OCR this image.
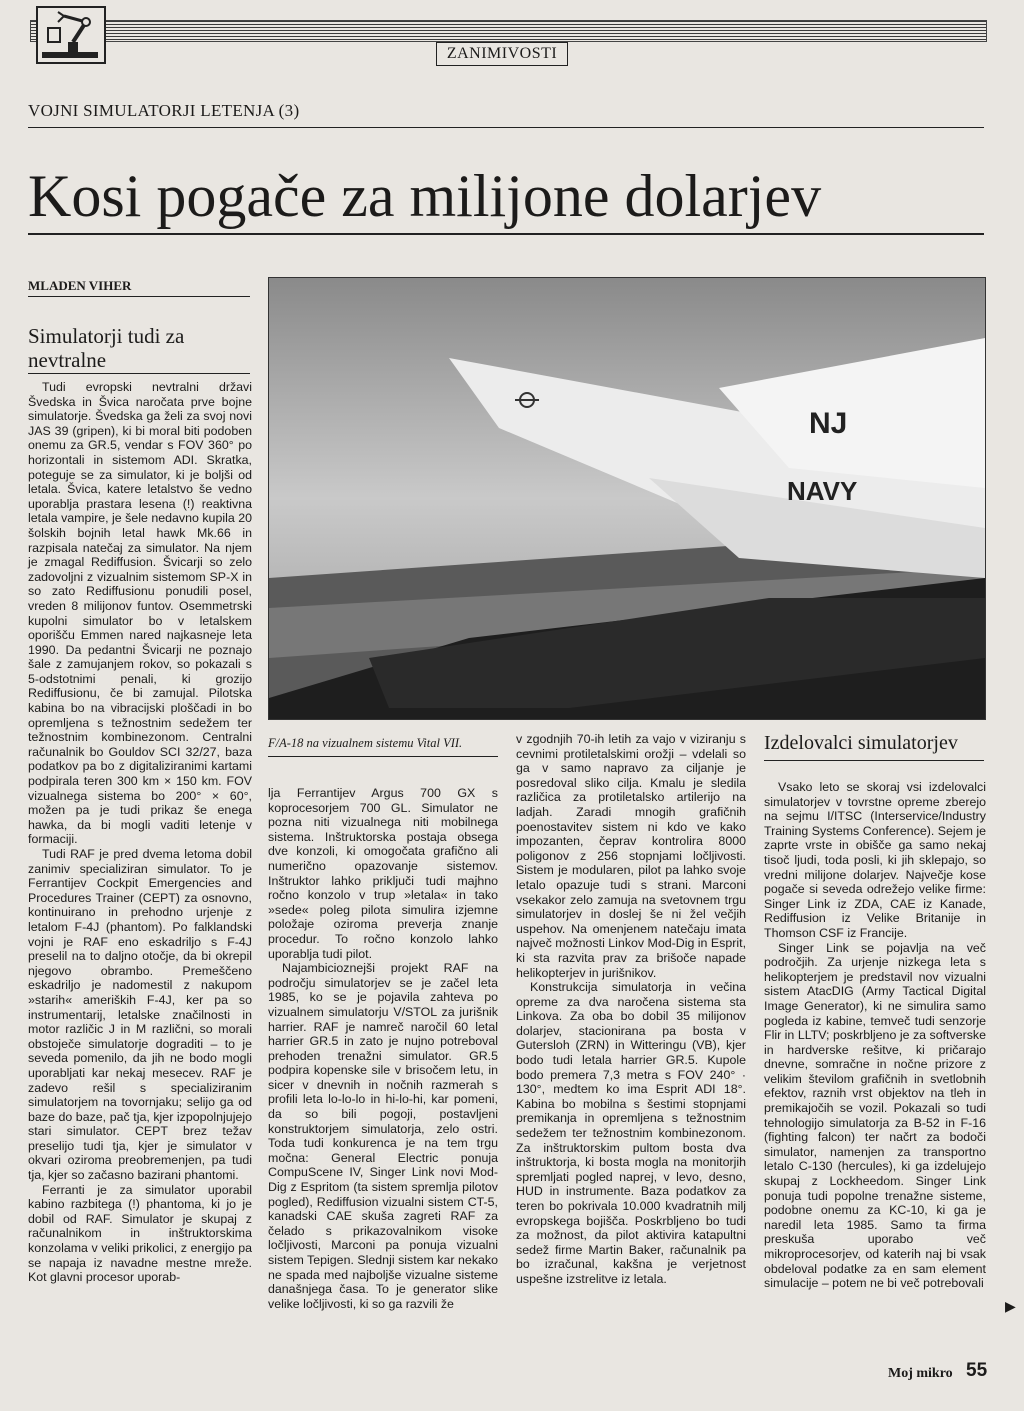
ZANIMIVOSTI
VOJNI SIMULATORJI LETENJA (3)
Kosi pogače za milijone dolarjev
MLADEN VIHER
Simulatorji tudi za nevtralne

Tudi evropski nevtralni državi Švedska in Švica naročata prve bojne simulatorje. Švedska ga želi za svoj novi JAS 39 (gripen), ki bi moral biti podoben onemu za GR.5, vendar s FOV 360° po horizontali in sistemom ADI. Skratka, poteguje se za simulator, ki je boljši od letala. Švica, katere letalstvo še vedno uporablja prastara lesena (!) reaktivna letala vampire, je šele nedavno kupila 20 šolskih bojnih letal hawk Mk.66 in razpisala natečaj za simulator. Na njem je zmagal Rediffusion. Švicarji so zelo zadovoljni z vizualnim sistemom SP-X in so zato Rediffusionu ponudili posel, vreden 8 milijonov funtov. Osemmetrski kupolni simulator bo v letalskem oporišču Emmen nared najkasneje leta 1990. Da pedantni Švicarji ne poznajo šale z zamujanjem rokov, so pokazali s 5-odstotnimi penali, ki grozijo Rediffusionu, če bi zamujal. Pilotska kabina bo na vibracijski ploščadi in bo opremljena s težnostnim sedežem ter težnostnim kombinezonom. Centralni računalnik bo Gouldov SCI 32/27, baza podatkov pa bo z digitaliziranimi kartami podpirala teren 300 km × 150 km. FOV vizualnega sistema bo 200° × 60°, možen pa je tudi prikaz še enega hawka, da bi mogli vaditi letenje v formaciji.

Tudi RAF je pred dvema letoma dobil zanimiv specializiran simulator. To je Ferrantijev Cockpit Emergencies and Procedures Trainer (CEPT) za osnovno, kontinuirano in prehodno urjenje z letalom F-4J (phantom). Po falklandski vojni je RAF eno eskadriljo s F-4J preselil na to daljno otočje, da bi okrepil njegovo obrambo. Premeščeno eskadriljo je nadomestil z nakupom »starih« ameriških F-4J, ker pa so instrumentarij, letalske značilnosti in motor različic J in M različni, so morali obstoječe simulatorje dograditi – to je seveda pomenilo, da jih ne bodo mogli uporabljati kar nekaj mesecev. RAF je zadevo rešil s specializiranim simulatorjem na tovornjaku; selijo ga od baze do baze, pač tja, kjer izpopolnjujejo stari simulator. CEPT brez težav preselijo tudi tja, kjer je simulator v okvari oziroma preobremenjen, pa tudi tja, kjer so začasno bazirani phantomi.

Ferranti je za simulator uporabil kabino razbitega (!) phantoma, ki jo je dobil od RAF. Simulator je skupaj z računalnikom in inštruktorskima konzolama v veliki prikolici, z energijo pa se napaja iz navadne mestne mreže. Kot glavni procesor uporab-

NJ
NAVY
F/A-18 na vizualnem sistemu Vital VII.

lja Ferrantijev Argus 700 GX s koprocesorjem 700 GL. Simulator ne pozna niti vizualnega niti mobilnega sistema. Inštruktorska postaja obsega dve konzoli, ki omogočata grafično ali numerično opazovanje sistemov. Inštruktor lahko priključi tudi majhno ročno konzolo v trup »letala« in tako »sede« poleg pilota simulira izjemne položaje oziroma preverja znanje procedur. To ročno konzolo lahko uporablja tudi pilot.

Najambicioznejši projekt RAF na področju simulatorjev se je začel leta 1985, ko se je pojavila zahteva po vizualnem simulatorju V/STOL za jurišnik harrier. RAF je namreč naročil 60 letal harrier GR.5 in zato je nujno potreboval prehoden trenažni simulator. GR.5 podpira kopenske sile v brisočem letu, in sicer v dnevnih in nočnih razmerah s profili leta lo-lo-lo in hi-lo-hi, kar pomeni, da so bili pogoji, postavljeni konstruktorjem simulatorja, zelo ostri. Toda tudi konkurenca je na tem trgu močna: General Electric ponuja CompuScene IV, Singer Link novi Mod-Dig z Espritom (ta sistem spremlja pilotov pogled), Rediffusion vizualni sistem CT-5, kanadski CAE skuša zagreti RAF za čelado s prikazovalnikom visoke ločljivosti, Marconi pa ponuja vizualni sistem Tepigen. Slednji sistem kar nekako ne spada med najboljše vizualne sisteme današnjega časa. To je generator slike velike ločljivosti, ki so ga razvili že

v zgodnjih 70-ih letih za vajo v viziranju s cevnimi protiletalskimi orožji – vdelali so ga v samo napravo za ciljanje je posredoval sliko cilja. Kmalu je sledila različica za protiletalsko artilerijo na ladjah. Zaradi mnogih grafičnih poenostavitev sistem ni kdo ve kako impozanten, čeprav kontrolira 8000 poligonov z 256 stopnjami ločljivosti. Sistem je modularen, pilot pa lahko svoje letalo opazuje tudi s strani. Marconi vsekakor zelo zamuja na svetovnem trgu simulatorjev in doslej še ni žel večjih uspehov. Na omenjenem natečaju imata največ možnosti Linkov Mod-Dig in Esprit, ki sta razvita prav za brišoče napade helikopterjev in jurišnikov.

Konstrukcija simulatorja in večina opreme za dva naročena sistema sta Linkova. Za oba bo dobil 35 milijonov dolarjev, stacionirana pa bosta v Gutersloh (ZRN) in Witteringu (VB), kjer bodo tudi letala harrier GR.5. Kupole bodo premera 7,3 metra s FOV 240° · 130°, medtem ko ima Esprit ADI 18°. Kabina bo mobilna s šestimi stopnjami premikanja in opremljena s težnostnim sedežem ter težnostnim kombinezonom. Za inštruktorskim pultom bosta dva inštruktorja, ki bosta mogla na monitorjih spremljati pogled naprej, v levo, desno, HUD in instrumente. Baza podatkov za teren bo pokrivala 10.000 kvadratnih milj evropskega bojišča. Poskrbljeno bo tudi za možnost, da pilot aktivira katapultni sedež firme Martin Baker, računalnik pa bo izračunal, kakšna je verjetnost uspešne izstrelitve iz letala.

Izdelovalci simulatorjev

Vsako leto se skoraj vsi izdelovalci simulatorjev v tovrstne opreme zberejo na sejmu I/ITSC (Interservice/Industry Training Systems Conference). Sejem je zaprte vrste in obišče ga samo nekaj tisoč ljudi, toda posli, ki jih sklepajo, so vredni milijone dolarjev. Največje kose pogače si seveda odrežejo velike firme: Singer Link iz ZDA, CAE iz Kanade, Rediffusion iz Velike Britanije in Thomson CSF iz Francije.

Singer Link se pojavlja na več področjih. Za urjenje nizkega leta s helikopterjem je predstavil nov vizualni sistem AtacDIG (Army Tactical Digital Image Generator), ki ne simulira samo pogleda iz kabine, temveč tudi senzorje Flir in LLTV; poskrbljeno je za softverske in hardverske rešitve, ki pričarajo dnevne, somračne in nočne prizore z velikim številom grafičnih in svetlobnih efektov, raznih vrst objektov na tleh in premikajočih se vozil. Pokazali so tudi tehnologijo simulatorja za B-52 in F-16 (fighting falcon) ter načrt za bodoči simulator, namenjen za transportno letalo C-130 (hercules), ki ga izdelujejo skupaj z Lockheedom. Singer Link ponuja tudi popolne trenažne sisteme, podobne onemu za KC-10, ki ga je naredil leta 1985. Samo ta firma preskuša uporabo več mikroprocesorjev, od katerih naj bi vsak obdeloval podatke za en sam element simulacije – potem ne bi več potrebovali

▶
Moj mikro 55
